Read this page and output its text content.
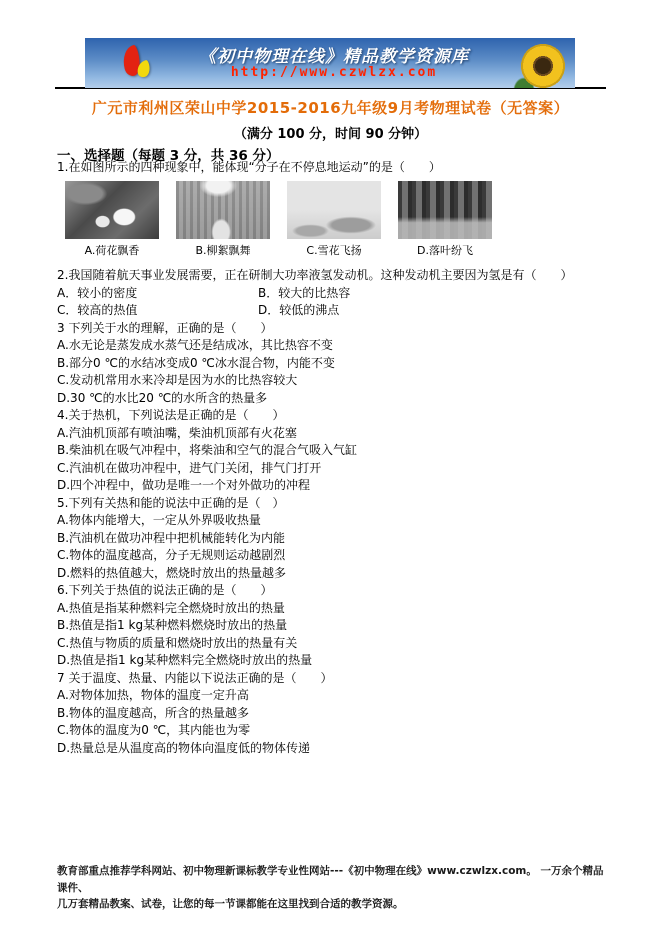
《初中物理在线》精品教学资源库
http://www.czwlzx.com
广元市利州区荣山中学2015-2016九年级9月考物理试卷（无答案）
（满分 100 分，时间 90 分钟）
一、选择题（每题 3 分，共 36 分）
1.在如图所示的四种现象中，能体现“分子在不停息地运动”的是（　　）
A.荷花飘香	B.柳絮飘舞	C.雪花飞扬	D.落叶纷飞
2.我国随着航天事业发展需要，正在研制大功率液氢发动机。这种发动机主要因为氢是有（　　）
A．较小的密度	B．较大的比热容
C．较高的热值	D．较低的沸点
3 下列关于水的理解，正确的是（　　）
A.水无论是蒸发成水蒸气还是结成冰，其比热容不变
B.部分0 ℃的水结冰变成0 ℃冰水混合物，内能不变
C.发动机常用水来冷却是因为水的比热容较大
D.30 ℃的水比20 ℃的水所含的热量多
4.关于热机，下列说法是正确的是（　　）
A.汽油机顶部有喷油嘴，柴油机顶部有火花塞
B.柴油机在吸气冲程中，将柴油和空气的混合气吸入气缸
C.汽油机在做功冲程中，进气门关闭，排气门打开
D.四个冲程中，做功是唯一一个对外做功的冲程
5.下列有关热和能的说法中正确的是（　）
A.物体内能增大，一定从外界吸收热量
B.汽油机在做功冲程中把机械能转化为内能
C.物体的温度越高，分子无规则运动越剧烈
D.燃料的热值越大，燃烧时放出的热量越多
6.下列关于热值的说法正确的是（　　）
A.热值是指某种燃料完全燃烧时放出的热量
B.热值是指1 kg某种燃料燃烧时放出的热量
C.热值与物质的质量和燃烧时放出的热量有关
D.热值是指1 kg某种燃料完全燃烧时放出的热量
7 关于温度、热量、内能以下说法正确的是（　　）
A.对物体加热，物体的温度一定升高
B.物体的温度越高，所含的热量越多
C.物体的温度为0 ℃，其内能也为零
D.热量总是从温度高的物体向温度低的物体传递
教育部重点推荐学科网站、初中物理新课标教学专业性网站---《初中物理在线》www.czwlzx.com。 一万余个精品课件、
几万套精品教案、试卷，让您的每一节课都能在这里找到合适的教学资源。
